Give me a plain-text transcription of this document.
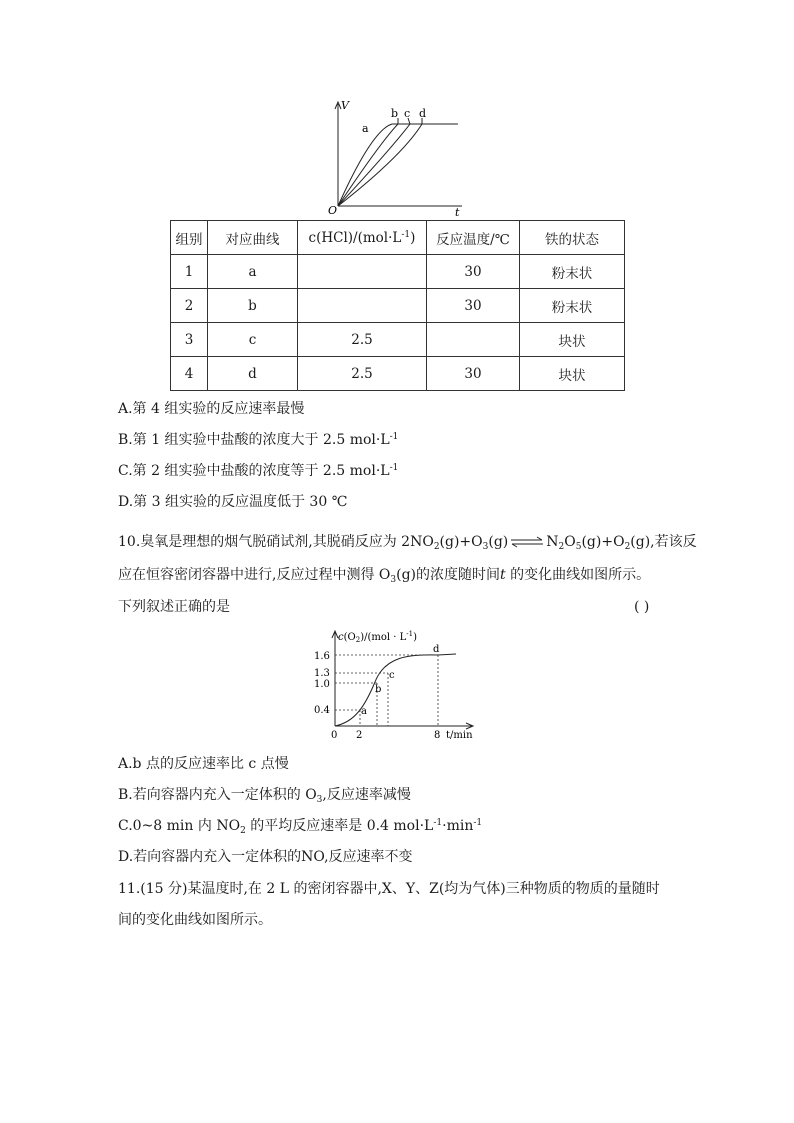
V
t
O
a
b c d
组别	对应曲线	$c(HCl)/(mol\cdot L^{-1})$	反应温度/℃	铁的状态
1	a		30	粉末状
2	b		30	粉末状
3	c	2.5		块状
4	d	2.5	30	块状
A.第 4 组实验的反应速率最慢
B.第 1 组实验中盐酸的浓度大于 2.5 $mol\cdot L^{-1}$
C.第 2 组实验中盐酸的浓度等于 2.5 $mol\cdot L^{-1}$
D.第 3 组实验的反应温度低于 30 ℃
10.臭氧是理想的烟气脱硝试剂,其脱硝反应为 $2NO_2(g)+O_3(g)$ ⇌ $N_2O_5(g)+O_2(g)$,若该反
应在恒容密闭容器中进行,反应过程中测得 $O_3(g)$的浓度随时间t 的变化曲线如图所示。
下列叙述正确的是	( )
$c(O_2)/(mol \cdot L^{-1})$
1.6
1.3
1.0
0.4
0 2	8 t/min
a
b
c
d
A.b 点的反应速率比 c 点慢
B.若向容器内充入一定体积的 $O_3$,反应速率减慢
C.0~8 min 内 $NO_2$ 的平均反应速率是 0.4 $mol\cdot L^{-1}\cdot\min^{-1}$
D.若向容器内充入一定体积的NO,反应速率不变
11.(15 分)某温度时,在 2 L 的密闭容器中,X、Y、Z(均为气体)三种物质的物质的量随时
间的变化曲线如图所示。
